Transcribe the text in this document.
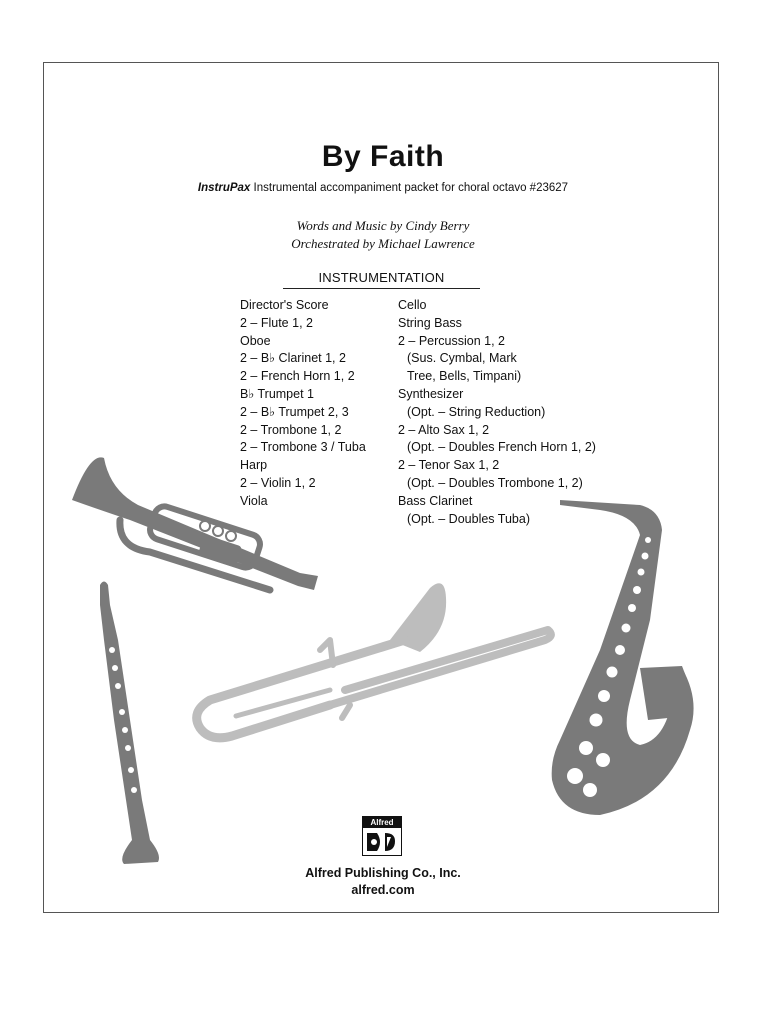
By Faith
InstruPax Instrumental accompaniment packet for choral octavo #23627
Words and Music by Cindy Berry
Orchestrated by Michael Lawrence
INSTRUMENTATION
Director's Score
2 – Flute 1, 2
Oboe
2 – B♭ Clarinet 1, 2
2 – French Horn 1, 2
B♭ Trumpet 1
2 – B♭ Trumpet 2, 3
2 – Trombone 1, 2
2 – Trombone 3 / Tuba
Harp
2 – Violin 1, 2
Viola
Cello
String Bass
2 – Percussion 1, 2
(Sus. Cymbal, Mark
Tree, Bells, Timpani)
Synthesizer
(Opt. – String Reduction)
2 – Alto Sax 1, 2
(Opt. – Doubles French Horn 1, 2)
2 – Tenor Sax 1, 2
(Opt. – Doubles Trombone 1, 2)
Bass Clarinet
(Opt. – Doubles Tuba)
Alfred
Alfred Publishing Co., Inc.
alfred.com
